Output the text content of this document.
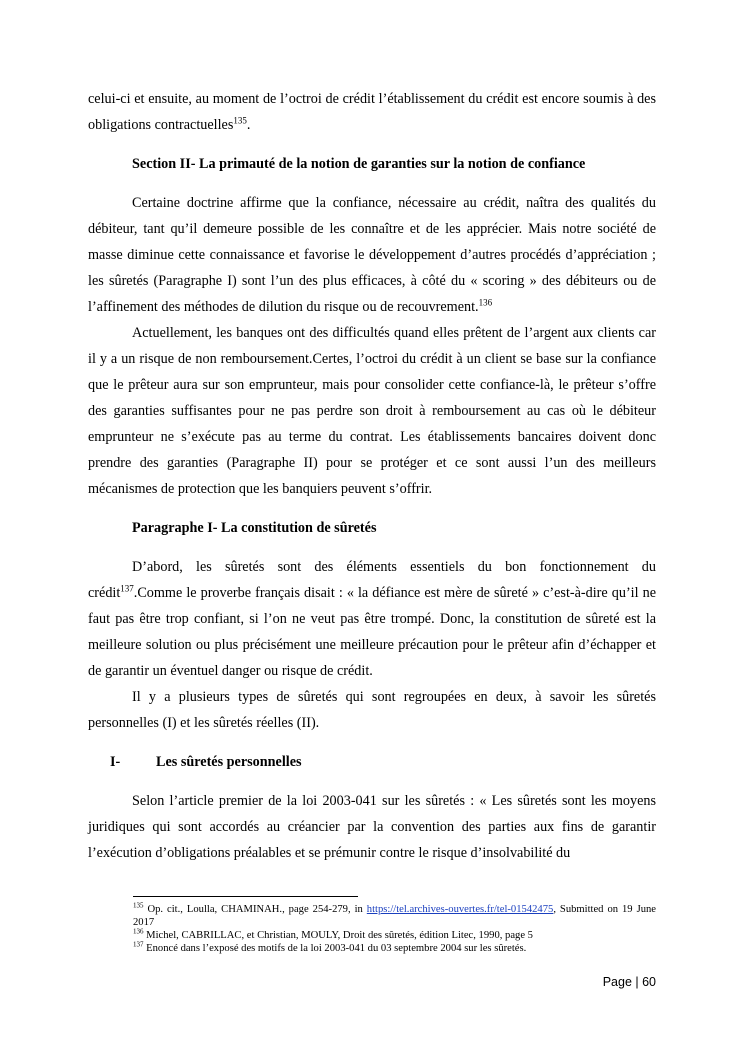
celui-ci et ensuite, au moment de l’octroi de crédit l’établissement du crédit est encore soumis à des obligations contractuelles$^{135}$.

Section II- La primauté de la notion de garanties sur la notion de confiance

Certaine doctrine affirme que la confiance, nécessaire au crédit, naîtra des qualités du débiteur, tant qu’il demeure possible de les connaître et de les apprécier. Mais notre société de masse diminue cette connaissance et favorise le développement d’autres procédés d’appréciation ; les sûretés (Paragraphe I) sont l’un des plus efficaces, à côté du « scoring » des débiteurs ou de l’affinement des méthodes de dilution du risque ou de recouvrement.$^{136}$

Actuellement, les banques ont des difficultés quand elles prêtent de l’argent aux clients car il y a un risque de non remboursement.Certes, l’octroi du crédit à un client se base sur la confiance que le prêteur aura sur son emprunteur, mais pour consolider cette confiance-là, le prêteur s’offre des garanties suffisantes pour ne pas perdre son droit à remboursement au cas où le débiteur emprunteur ne s’exécute pas au terme du contrat. Les établissements bancaires doivent donc prendre des garanties (Paragraphe II) pour se protéger et ce sont aussi l’un des meilleurs mécanismes de protection que les banquiers peuvent s’offrir.

Paragraphe I- La constitution de sûretés

D’abord, les sûretés sont des éléments essentiels du bon fonctionnement du crédit$^{137}$.Comme le proverbe français disait : « la défiance est mère de sûreté » c’est-à-dire qu’il ne faut pas être trop confiant, si l’on ne veut pas être trompé. Donc, la constitution de sûreté est la meilleure solution ou plus précisément une meilleure précaution pour le prêteur afin d’échapper et de garantir un éventuel danger ou risque de crédit.

Il y a plusieurs types de sûretés qui sont regroupées en deux, à savoir les sûretés personnelles (I) et les sûretés réelles (II).

I-	Les sûretés personnelles

Selon l’article premier de la loi 2003-041 sur les sûretés : « Les sûretés sont les moyens juridiques qui sont accordés au créancier par la convention des parties aux fins de garantir l’exécution d’obligations préalables et se prémunir contre le risque d’insolvabilité du

$^{135}$ Op. cit., Loulla, CHAMINAH., page 254-279, in https://tel.archives-ouvertes.fr/tel-01542475, Submitted on 19 June 2017
$^{136}$ Michel, CABRILLAC, et Christian, MOULY, Droit des sûretés, édition Litec, 1990, page 5
$^{137}$ Enoncé dans l’exposé des motifs de la loi 2003-041 du 03 septembre 2004 sur les sûretés.
Page | 60
